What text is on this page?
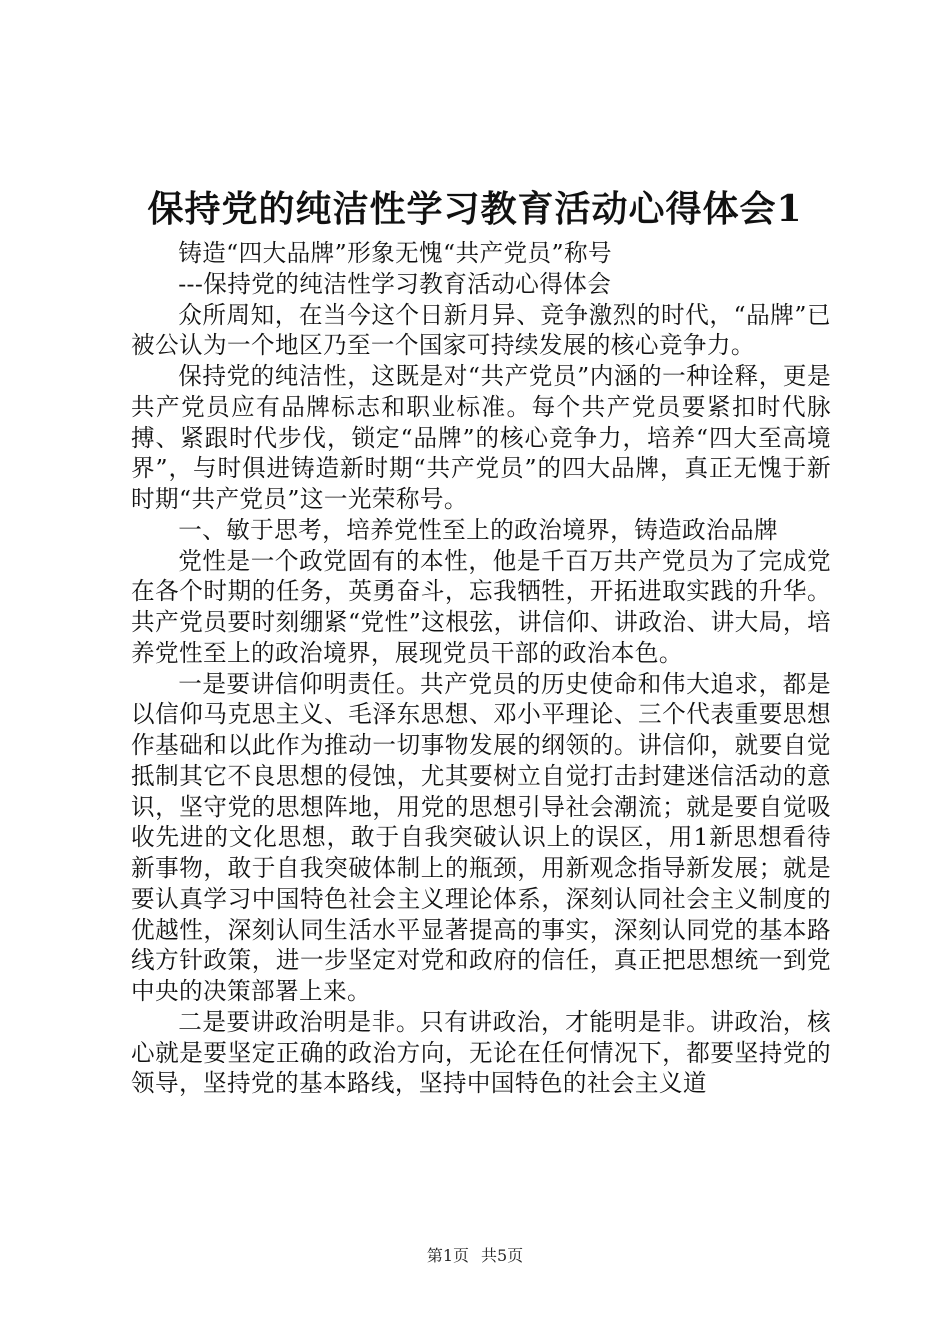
保持党的纯洁性学习教育活动心得体会1

铸造“四大品牌”形象无愧“共产党员”称号

---保持党的纯洁性学习教育活动心得体会

众所周知，在当今这个日新月异、竞争激烈的时代，“品牌”已被公认为一个地区乃至一个国家可持续发展的核心竞争力。

保持党的纯洁性，这既是对“共产党员”内涵的一种诠释，更是共产党员应有品牌标志和职业标准。每个共产党员要紧扣时代脉搏、紧跟时代步伐，锁定“品牌”的核心竞争力，培养“四大至高境界”，与时俱进铸造新时期“共产党员”的四大品牌，真正无愧于新时期“共产党员”这一光荣称号。

一、敏于思考，培养党性至上的政治境界，铸造政治品牌

党性是一个政党固有的本性，他是千百万共产党员为了完成党在各个时期的任务，英勇奋斗，忘我牺牲，开拓进取实践的升华。共产党员要时刻绷紧“党性”这根弦，讲信仰、讲政治、讲大局，培养党性至上的政治境界，展现党员干部的政治本色。

一是要讲信仰明责任。共产党员的历史使命和伟大追求，都是以信仰马克思主义、毛泽东思想、邓小平理论、三个代表重要思想作基础和以此作为推动一切事物发展的纲领的。讲信仰，就要自觉抵制其它不良思想的侵蚀，尤其要树立自觉打击封建迷信活动的意识，坚守党的思想阵地，用党的思想引导社会潮流；就是要自觉吸收先进的文化思想，敢于自我突破认识上的误区，用1新思想看待新事物，敢于自我突破体制上的瓶颈，用新观念指导新发展；就是要认真学习中国特色社会主义理论体系，深刻认同社会主义制度的优越性，深刻认同生活水平显著提高的事实，深刻认同党的基本路线方针政策，进一步坚定对党和政府的信任，真正把思想统一到党中央的决策部署上来。

二是要讲政治明是非。只有讲政治，才能明是非。讲政治，核心就是要坚定正确的政治方向，无论在任何情况下，都要坚持党的领导，坚持党的基本路线，坚持中国特色的社会主义道

第1页 共5页
